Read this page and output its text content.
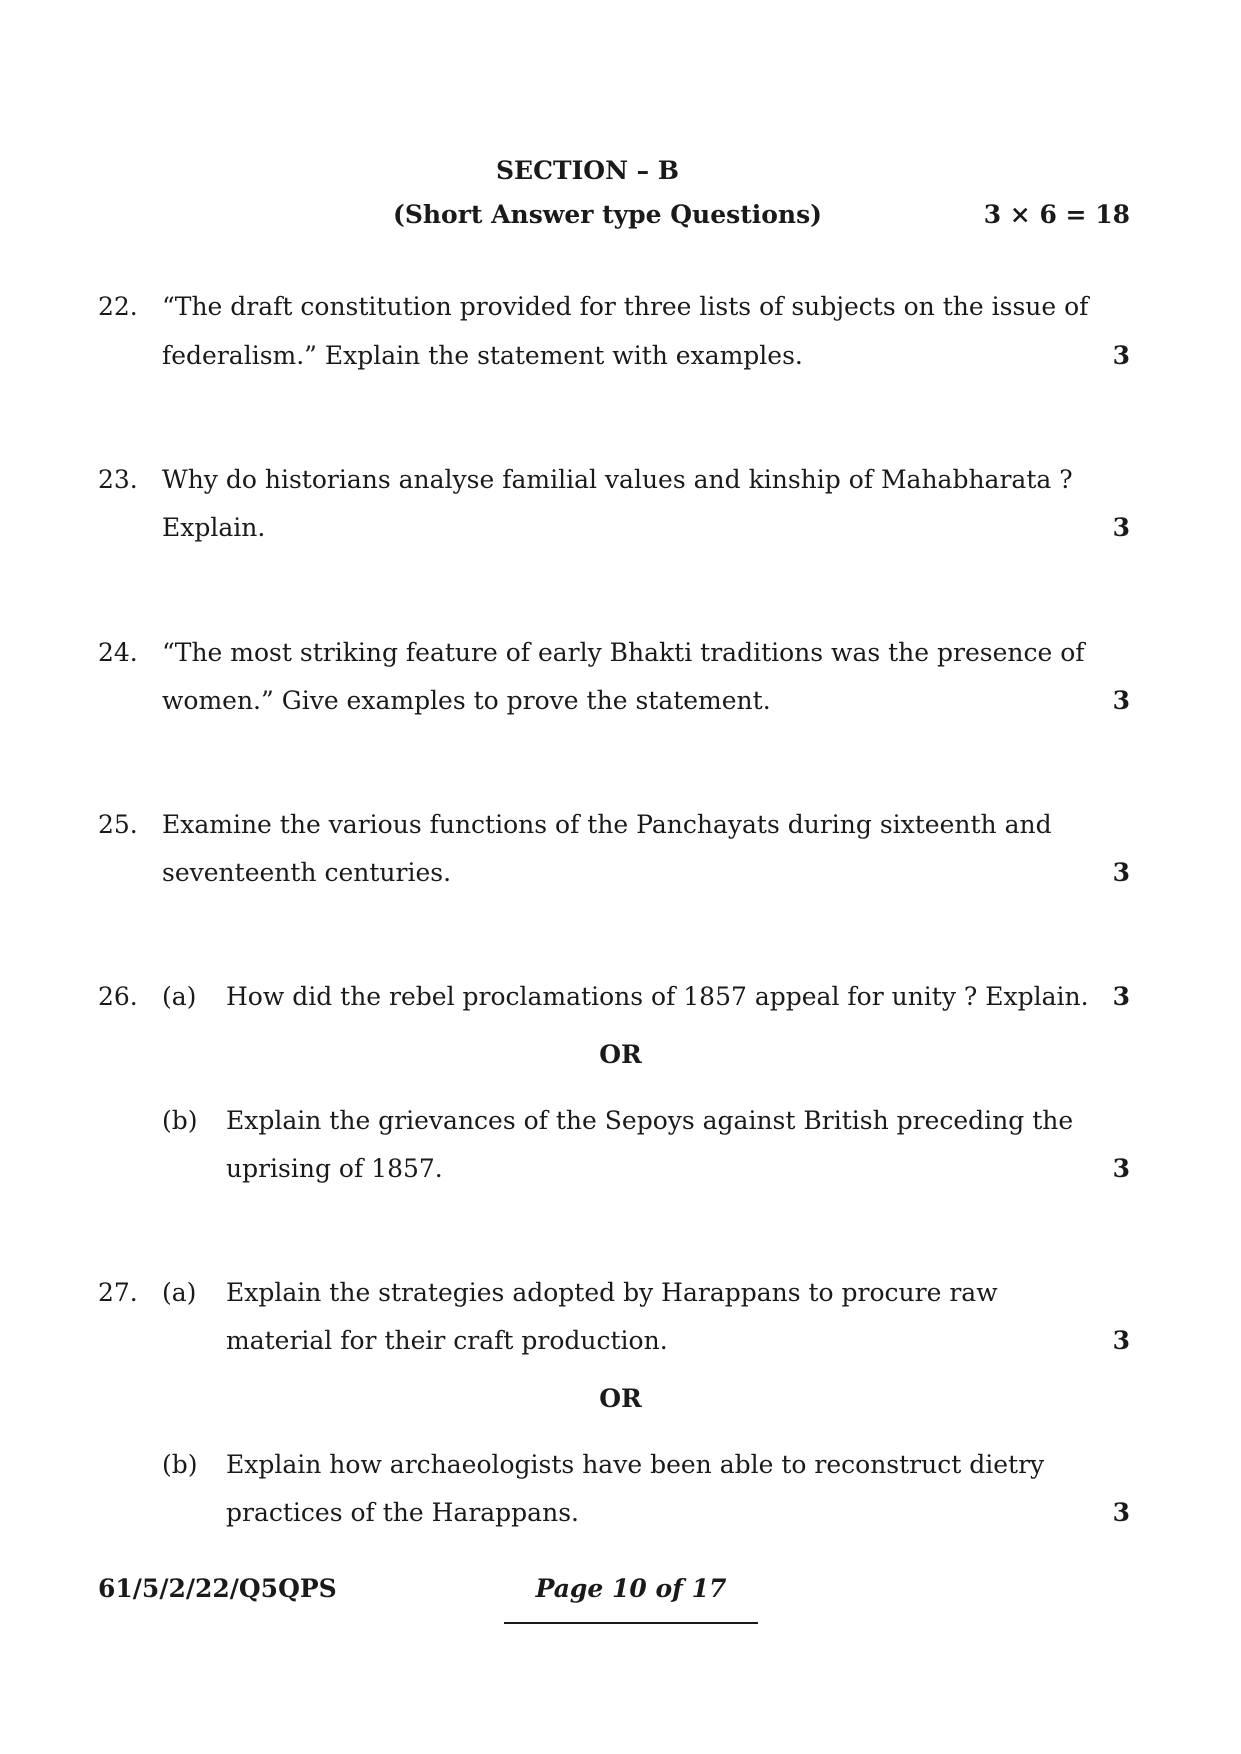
SECTION – B
(Short Answer type Questions)	3 × 6 = 18
22. “The draft constitution provided for three lists of subjects on the issue of
federalism.” Explain the statement with examples.	3
23. Why do historians analyse familial values and kinship of Mahabharata ?
Explain.	3
24. “The most striking feature of early Bhakti traditions was the presence of
women.” Give examples to prove the statement.	3
25. Examine the various functions of the Panchayats during sixteenth and
seventeenth centuries.	3
26. (a) How did the rebel proclamations of 1857 appeal for unity ? Explain. 3
OR
(b) Explain the grievances of the Sepoys against British preceding the
uprising of 1857.	3
27. (a) Explain the strategies adopted by Harappans to procure raw
material for their craft production.	3
OR
(b) Explain how archaeologists have been able to reconstruct dietry
practices of the Harappans.	3
61/5/2/22/Q5QPS	Page 10 of 17
